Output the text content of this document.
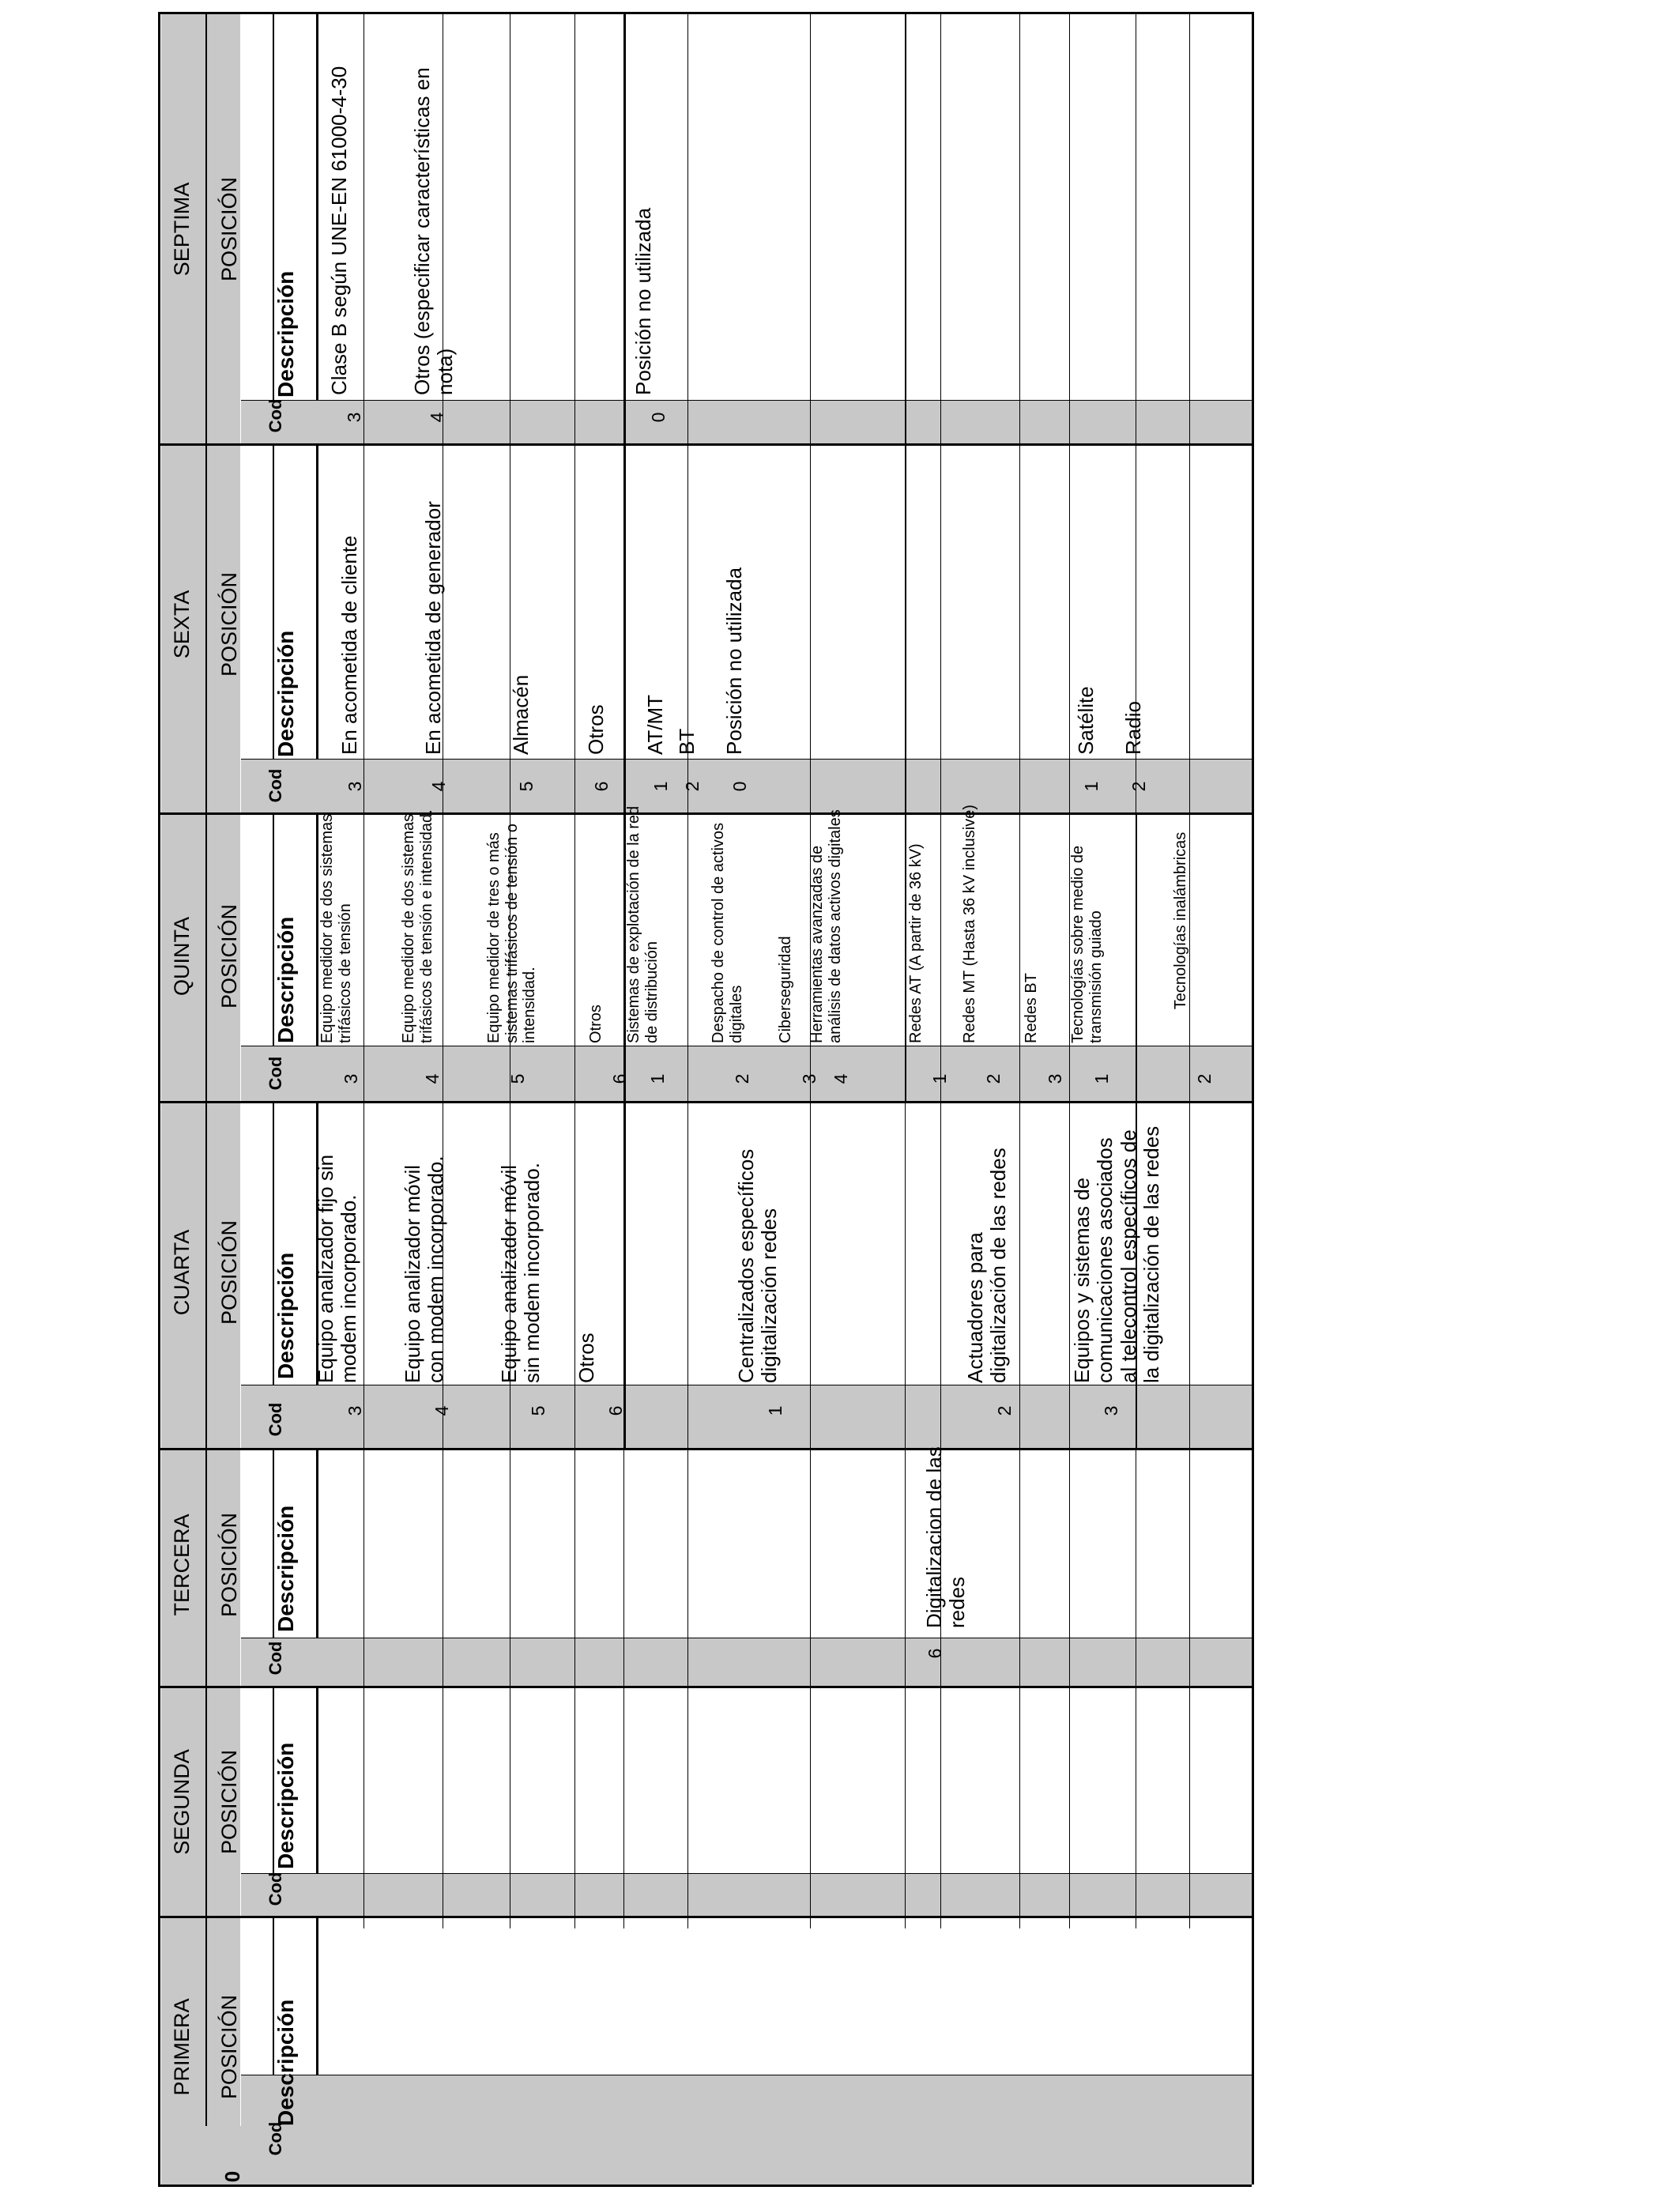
PRIMERA POSICIÓN
SEGUNDA POSICIÓN
TERCERA POSICIÓN
CUARTA POSICIÓN
QUINTA POSICIÓN
SEXTA POSICIÓN
SEPTIMA POSICIÓN
0
Cod
Cod
Cod
Cod
Cod
Cod
Cod
Descripción
Descripción
Descripción
Descripción
Descripción
Descripción
Descripción
6
Digitalizacion de las redes
3
Equipo analizador fijo sin modem incorporado.
4
Equipo analizador móvil con modem incorporado.
5
Equipo analizador móvil sin modem incorporado.
6
Otros
1
Centralizados específicos digitalización redes
2
Actuadores para digitalización de las redes
3
Equipos y sistemas de comunicaciones asociados al telecontrol específicos de la digitalización de las redes
3
Equipo medidor de dos sistemas trifásicos de tensión
4
Equipo medidor de dos sistemas trifásicos de tensión e intensidad.
5
Equipo medidor de tres o más sistemas trifásicos de tensión o intensidad.
6
Otros
1
Sistemas de explotación de la red de distribución
2
Despacho de control de activos digitales
3
Ciberseguridad
4
Herramientas avanzadas de análisis de datos activos digitales
1
Redes AT (A partir de 36 kV)
2
Redes MT (Hasta 36 kV inclusive)
3
Redes BT
1
Tecnologías sobre medio de transmisión guiado
2
Tecnologías inalámbricas
3
En acometida de cliente
4
En acometida de generador
5
Almacén
6
Otros
1
AT/MT
2
BT
0
Posición no utilizada
1
Satélite
2
Radio
3
Clase B según UNE-EN 61000-4-30
4
Otros (especificar características en nota)
0
Posición no utilizada
